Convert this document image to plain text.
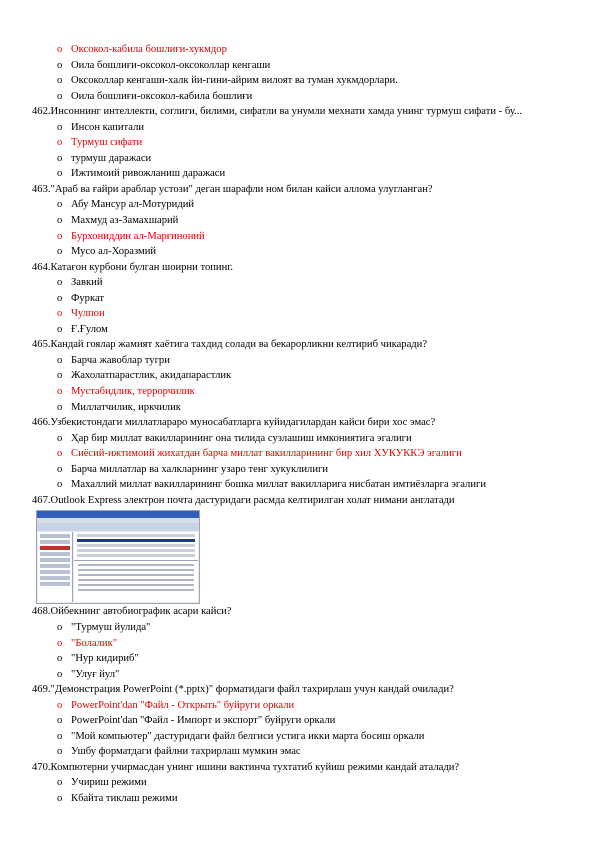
o Оксокол-кабила бошлиғи-хукмдор
o Оила бошлиғи-оксокол-оксоколлар кенгаши
o Оксоколлар кенгаши-халк йи-гини-айрим вилоят ва туман хукмдорлари.
o Оила бошлиғи-оксокол-кабила бошлиғи
462.Инсоннинг интеллекти, соглиги, билими, сифатли ва унумли мехнати хамда унинг турмуш сифати - бу...
o Инсон капитали
o Турмуш сифати
o турмуш даражаси
o Ижтимоий ривожланиш даражаси
463."Араб ва ғайри араблар устози" деган шарафли ном билан кайси аллома улугланган?
o Абу Мансур ал-Мотуридий
o Махмуд аз-Замахшарий
o Бурхониддин ал-Марғиноний
o Мусо ал-Хоразмий
464.Катағон курбони булган шоирни топинг.
o Завкий
o Фуркат
o Чулпон
o Ғ.Ғулом
465.Кандай гоялар жамият хаётига тахдид солади ва бекарорликни келтириб чикаради?
o Барча жавоблар тугри
o Жахолатпарастлик, акидапарастлик
o Мустабидлик, террорчилик
o Миллатчилик, иркчилик
466.Узбекистондаги миллатлараро муносабатларга куйидагилардан кайси бири хос эмас?
o Ҳар бир миллат вакилларининг она тилида сузлашиш имкониятига эгалиги
o Сиёсий-ижтимоий жихатдан барча миллат вакилларининг бир хил ХУКУККЭ эгалиги
o Барча миллатлар ва халкларнинг узаро тенг хукуклилиги
o Махаллий миллат вакилларининг бошка миллат вакилларига нисбатан имтиёзларга эгалиги
467.Outlook Express электрон почта дастуридаги расмда келтирилган холат нимани англатади
468.Ойбекнинг автобиографик асари кайси?
o "Турмуш йулида"
o "Болалик"
o "Нур кидириб"
o "Улуғ йул"
469."Демонстрация PowerPoint (*.pptx)" форматидаги файл тахрирлаш учун кандай очилади?
o PowerPoint'dan "Файл - Открыть" буйруги оркали
o PowerPoint'dan ''Файл - Импорт и экспорт" буйруги оркали
o "Мой компьютер" дастуридаги файл белгиси устига икки марта босиш оркали
o Ушбу форматдаги файлни тахрирлаш мумкин эмас
470.Компютерни учирмасдан унинг ишини вактинча тухтатиб куйиш режими кандай аталади?
o Учириш режими
o Кбайта тиклаш режими
